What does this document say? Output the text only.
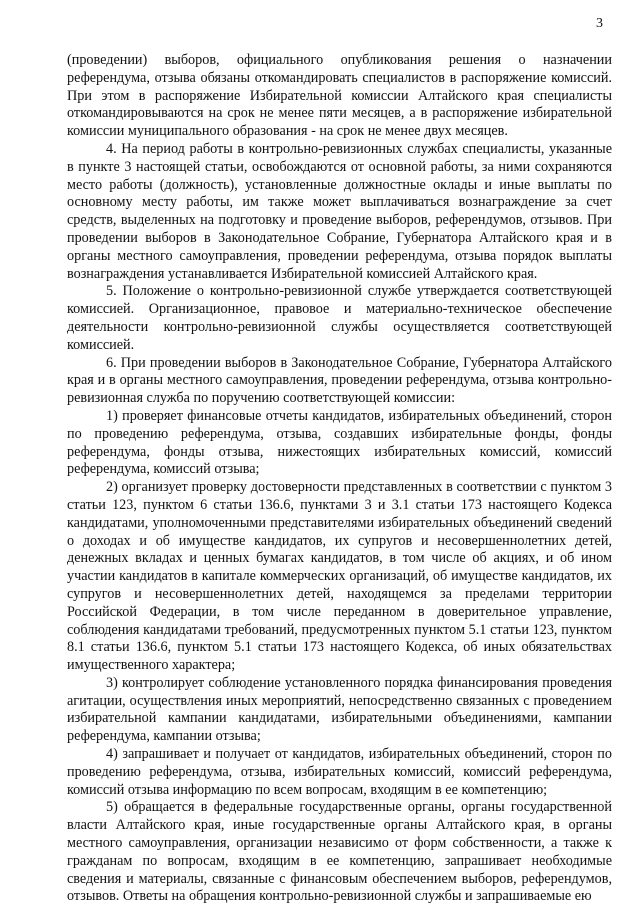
3

(проведении) выборов, официального опубликования решения о назначении референдума, отзыва обязаны откомандировать специалистов в распоряжение комиссий. При этом в распоряжение Избирательной комиссии Алтайского края специалисты откомандировываются на срок не менее пяти месяцев, а в распоряжение избирательной комиссии муниципального образования - на срок не менее двух месяцев.

4. На период работы в контрольно-ревизионных службах специалисты, указанные в пункте 3 настоящей статьи, освобождаются от основной работы, за ними сохраняются место работы (должность), установленные должностные оклады и иные выплаты по основному месту работы, им также может выплачиваться вознаграждение за счет средств, выделенных на подготовку и проведение выборов, референдумов, отзывов. При проведении выборов в Законодательное Собрание, Губернатора Алтайского края и в органы местного самоуправления, проведении референдума, отзыва порядок выплаты вознаграждения устанавливается Избирательной комиссией Алтайского края.

5. Положение о контрольно-ревизионной службе утверждается соответствующей комиссией. Организационное, правовое и материально-техническое обеспечение деятельности контрольно-ревизионной службы осуществляется соответствующей комиссией.

6. При проведении выборов в Законодательное Собрание, Губернатора Алтайского края и в органы местного самоуправления, проведении референдума, отзыва контрольно-ревизионная служба по поручению соответствующей комиссии:

1) проверяет финансовые отчеты кандидатов, избирательных объединений, сторон по проведению референдума, отзыва, создавших избирательные фонды, фонды референдума, фонды отзыва, нижестоящих избирательных комиссий, комиссий референдума, комиссий отзыва;

2) организует проверку достоверности представленных в соответствии с пунктом 3 статьи 123, пунктом 6 статьи 136.6, пунктами 3 и 3.1 статьи 173 настоящего Кодекса кандидатами, уполномоченными представителями избирательных объединений сведений о доходах и об имуществе кандидатов, их супругов и несовершеннолетних детей, денежных вкладах и ценных бумагах кандидатов, в том числе об акциях, и об ином участии кандидатов в капитале коммерческих организаций, об имуществе кандидатов, их супругов и несовершеннолетних детей, находящемся за пределами территории Российской Федерации, в том числе переданном в доверительное управление, соблюдения кандидатами требований, предусмотренных пунктом 5.1 статьи 123, пунктом 8.1 статьи 136.6, пунктом 5.1 статьи 173 настоящего Кодекса, об иных обязательствах имущественного характера;

3) контролирует соблюдение установленного порядка финансирования проведения агитации, осуществления иных мероприятий, непосредственно связанных с проведением избирательной кампании кандидатами, избирательными объединениями, кампании референдума, кампании отзыва;

4) запрашивает и получает от кандидатов, избирательных объединений, сторон по проведению референдума, отзыва, избирательных комиссий, комиссий референдума, комиссий отзыва информацию по всем вопросам, входящим в ее компетенцию;

5) обращается в федеральные государственные органы, органы государственной власти Алтайского края, иные государственные органы Алтайского края, в органы местного самоуправления, организации независимо от форм собственности, а также к гражданам по вопросам, входящим в ее компетенцию, запрашивает необходимые сведения и материалы, связанные с финансовым обеспечением выборов, референдумов, отзывов. Ответы на обращения контрольно-ревизионной службы и запрашиваемые ею
